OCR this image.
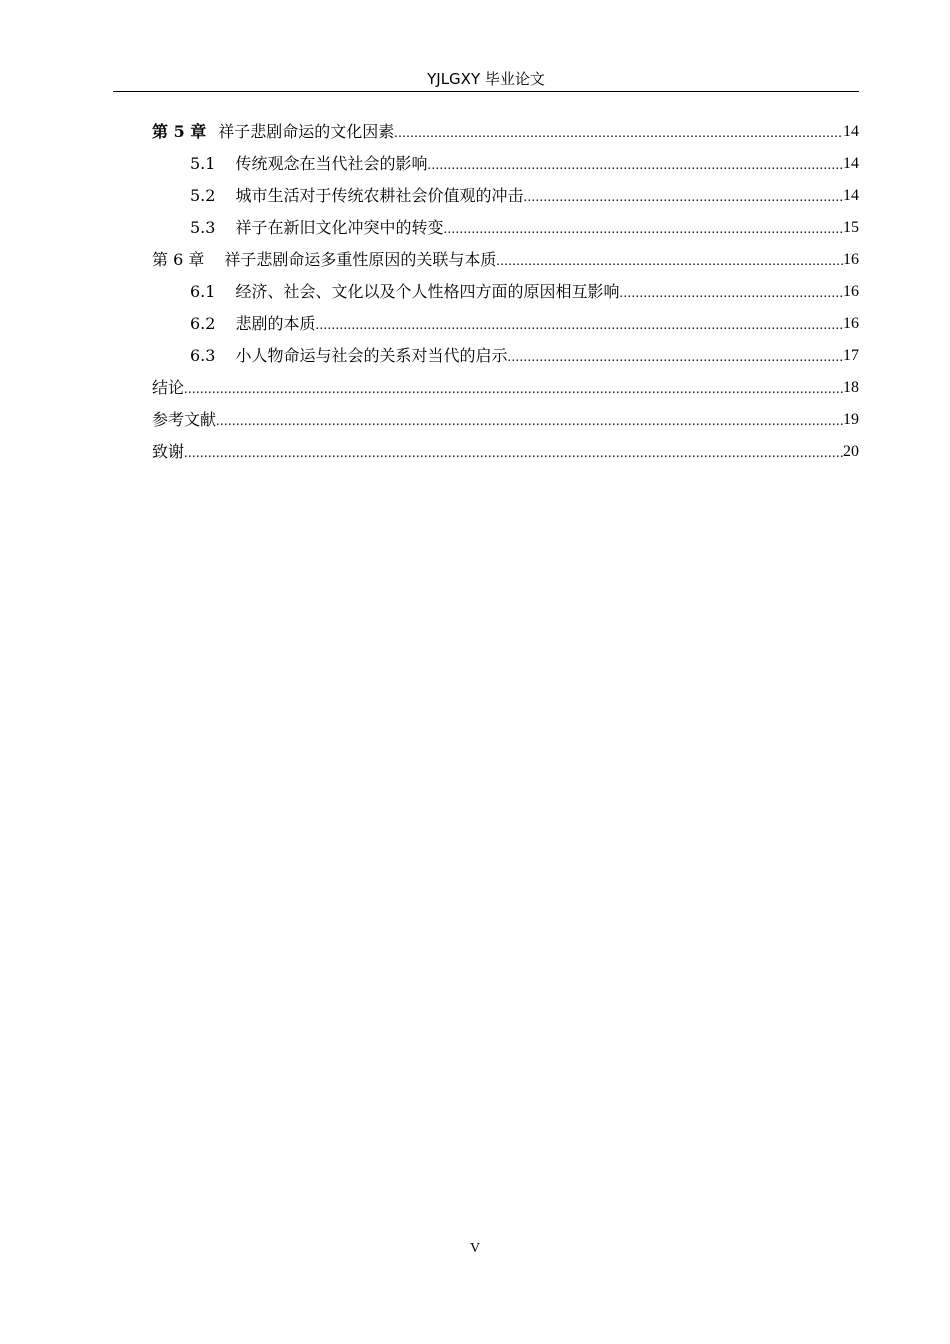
YJLGXY 毕业论文
第 5 章 祥子悲剧命运的文化因素 .....	14
5.1 传统观念在当代社会的影响 .....	14
5.2 城市生活对于传统农耕社会价值观的冲击 .....	14
5.3 祥子在新旧文化冲突中的转变 .....	15
第 6 章 祥子悲剧命运多重性原因的关联与本质 .....	16
6.1 经济、社会、文化以及个人性格四方面的原因相互影响 .....	16
6.2 悲剧的本质 .....	16
6.3 小人物命运与社会的关系对当代的启示 .....	17
结论 .....	18
参考文献 .....	19
致谢 .....	20
V
